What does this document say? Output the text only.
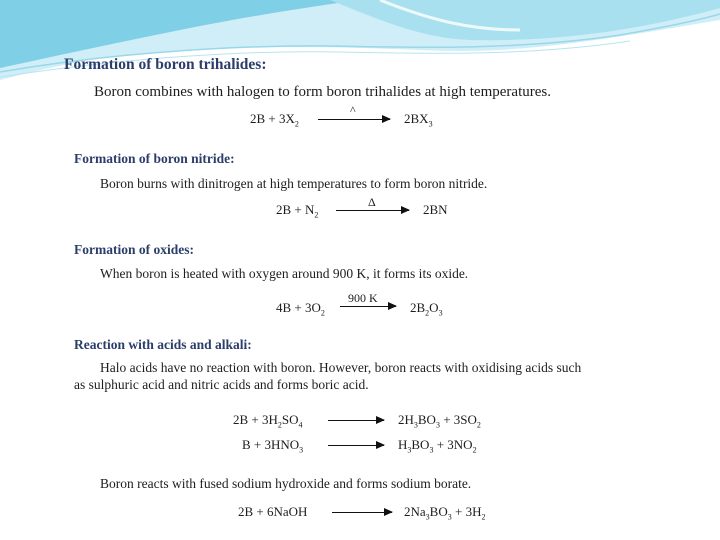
Formation of boron trihalides:
Boron combines with halogen to form boron trihalides at high temperatures.
$2B + 3X_2$
^
$2BX_3$
Formation of boron nitride:
Boron burns with dinitrogen at high temperatures to form boron nitride.
$2B + N_2$
Δ	2BN
Formation of oxides:
When boron is heated with oxygen around 900 K, it forms its oxide.
$4B + 3O_2$
900 K
$2B_2O_3$
Reaction with acids and alkali:
Halo acids have no reaction with boron. However, boron reacts with oxidising acids such
as sulphuric acid and nitric acids and forms boric acid.
$2B + 3H_2SO_4$	$2H_3BO_3 + 3SO_2$
$B + 3HNO_3$	$H_3BO_3 + 3NO_2$
Boron reacts with fused sodium hydroxide and forms sodium borate.
2B + 6NaOH	$2Na_3BO_3 + 3H_2$
